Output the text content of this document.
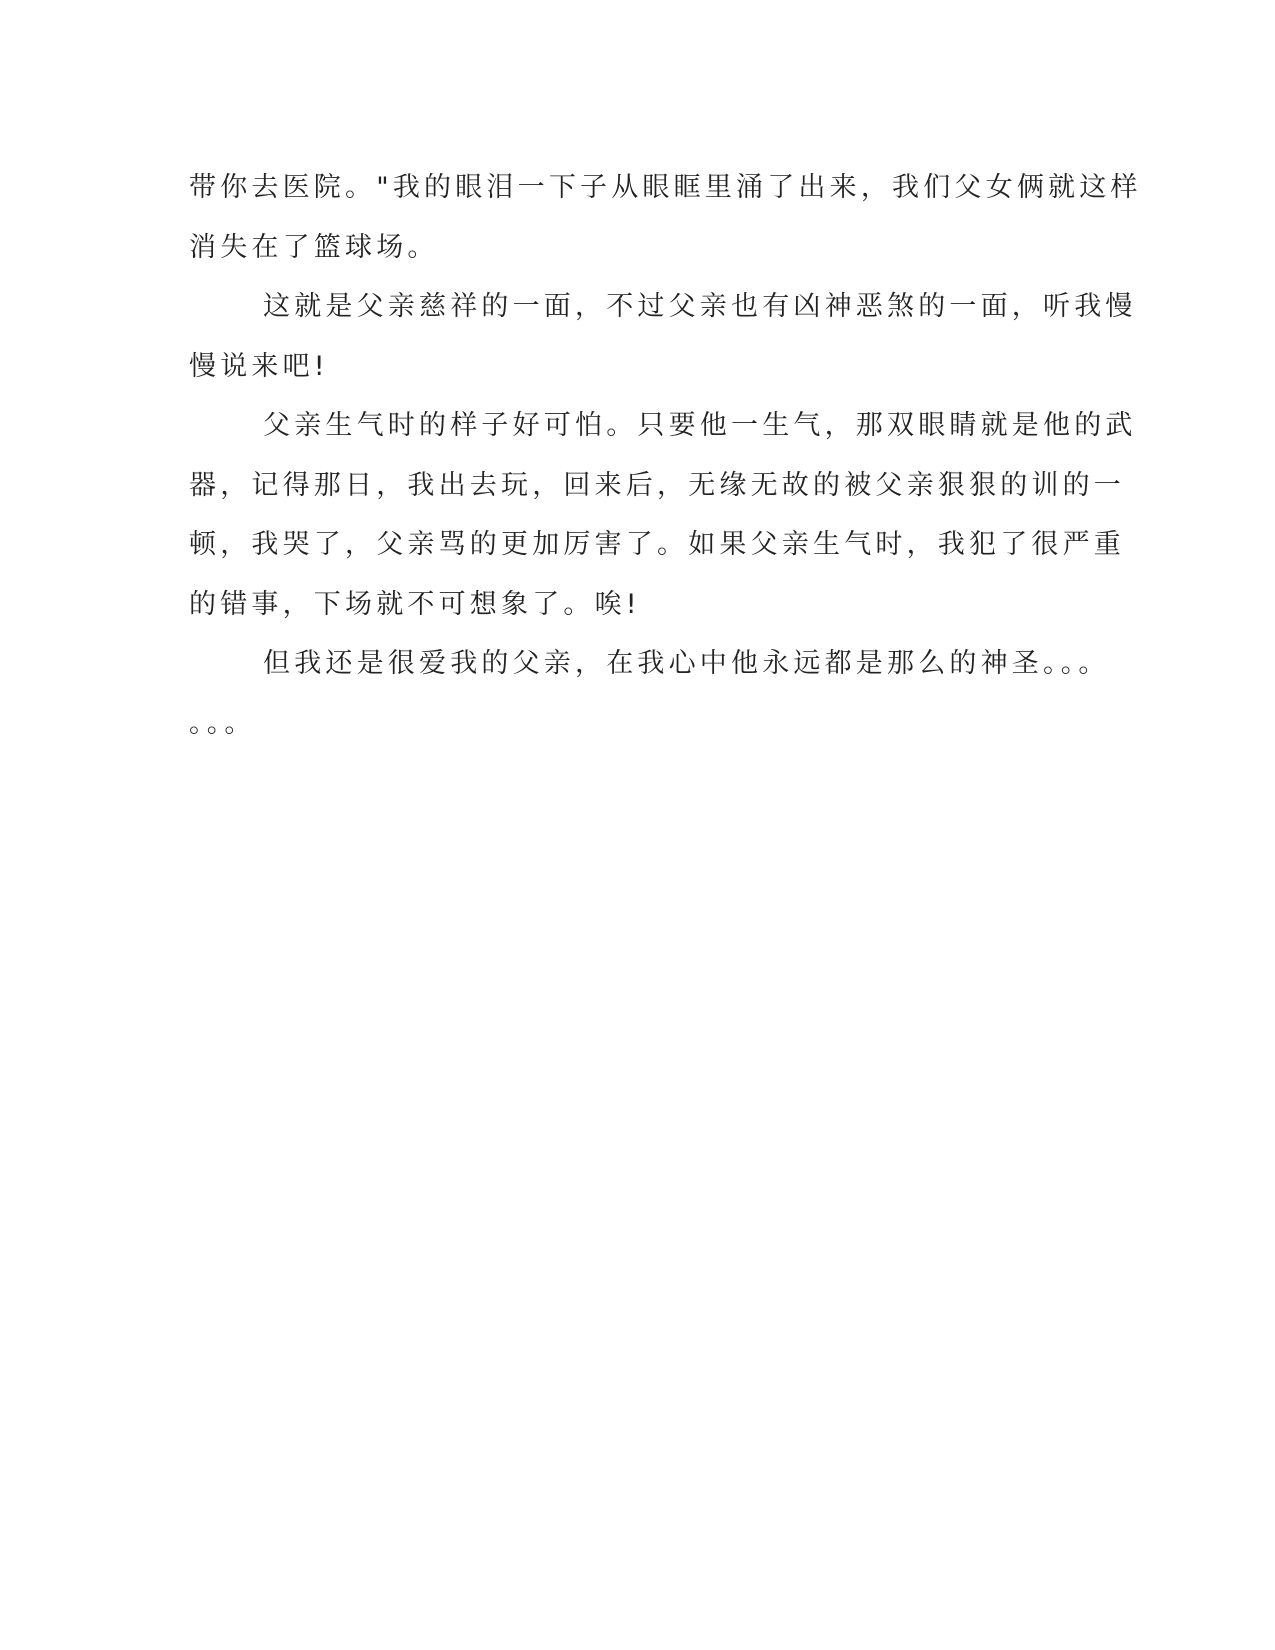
带你去医院。"我的眼泪一下子从眼眶里涌了出来，我们父女俩就这样
消失在了篮球场。
这就是父亲慈祥的一面，不过父亲也有凶神恶煞的一面，听我慢
慢说来吧!
父亲生气时的样子好可怕。只要他一生气，那双眼睛就是他的武
器，记得那日，我出去玩，回来后，无缘无故的被父亲狠狠的训的一
顿，我哭了，父亲骂的更加厉害了。如果父亲生气时，我犯了很严重
的错事，下场就不可想象了。唉!
但我还是很爱我的父亲，在我心中他永远都是那么的神圣。。。
。。。
